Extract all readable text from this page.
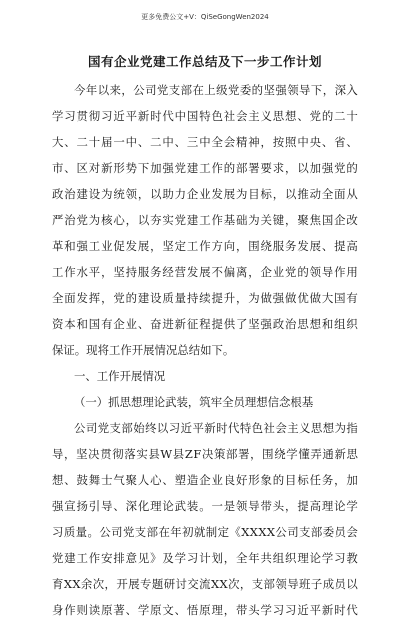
更多免费公文+V：QiSeGongWen2024
国有企业党建工作总结及下一步工作计划
今 年 以 来 ， 公 司 党 支 部 在 上 级 党 委 的 坚 强 领 导 下 ， 深 入
学 习 贯 彻 习 近 平 新 时 代 中 国 特 色 社 会 主 义 思 想 、 党 的 二 十
大 、 二 十 届 一 中 、 二 中 、 三 中 全 会 精 神 ， 按 照 中 央 、 省 、
市 、 区 对 新 形 势 下 加 强 党 建 工 作 的 部 署 要 求 ， 以 加 强 党 的
政 治 建 设 为 统 领 ， 以 助 力 企 业 发 展 为 目 标 ， 以 推 动 全 面 从
严 治 党 为 核 心 ， 以 夯 实 党 建 工 作 基 础 为 关 键 ， 聚 焦 国 企 改
革 和 强 工 业 促 发 展 ， 坚 定 工 作 方 向 ， 围 绕 服 务 发 展 、 提 高
工 作 水 平 ， 坚 持 服 务 经 营 发 展 不 偏 离 ， 企 业 党 的 领 导 作 用
全 面 发 挥 ， 党 的 建 设 质 量 持 续 提 升 ， 为 做 强 做 优 做 大 国 有
资 本 和 国 有 企 业 、 奋 进 新 征 程 提 供 了 坚 强 政 治 思 想 和 组 织
保证。现将工作开展情况总结如下。
一、工作开展情况
（一）抓思想理论武装，筑牢全员理想信念根基
公 司 党 支 部 始 终 以 习 近 平 新 时 代 特 色 社 会 主 义 思 想 为 指
导 ， 坚 决 贯 彻 落 实 县 W 县 Z F 决 策 部 署 ， 围 绕 学 懂 弄 通 新 思
想 、 鼓 舞 士 气 聚 人 心 、 塑 造 企 业 良 好 形 象 的 目 标 任 务 ， 加
强 宣 扬 引 导 、 深 化 理 论 武 装 。 一 是 领 导 带 头 ， 提 高 理 论 学
习 质 量 。 公 司 党 支 部 在 年 初 就 制 定 《 X X X X 公 司 支 部 委 员 会
党 建 工 作 安 排 意 见 》 及 学 习 计 划 ， 全 年 共 组 织 理 论 学 习 教
育 X X 余 次 ， 开 展 专 题 研 讨 交 流 X X 次 ， 支 部 领 导 班 子 成 员 以
身 作 则 读 原 著 、 学 原 文 、 悟 原 理 ， 带 头 学 习 习 近 平 新 时 代
